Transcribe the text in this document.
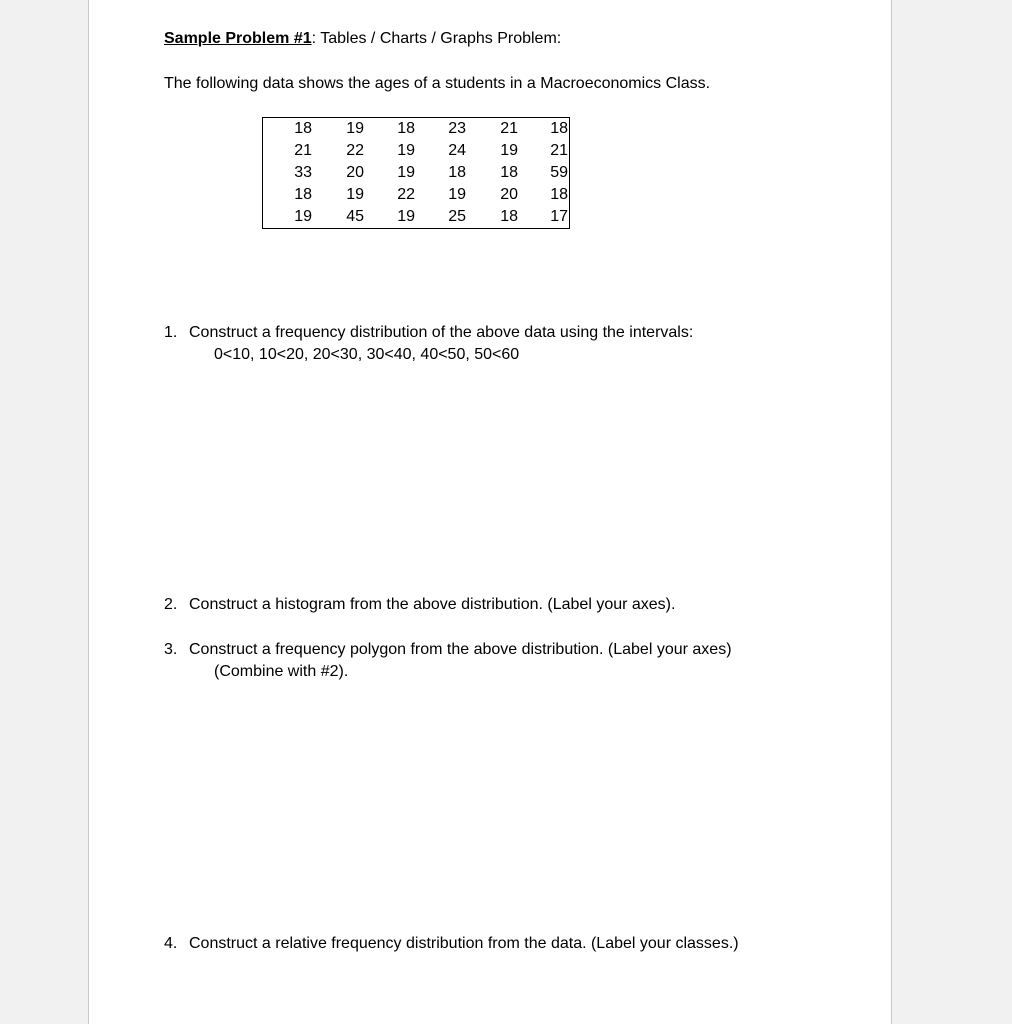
Sample Problem #1: Tables / Charts / Graphs Problem:
The following data shows the ages of a students in a Macroeconomics Class.
18	19	18	23	21	18
21	22	19	24	19	21
33	20	19	18	18	59
18	19	22	19	20	18
19	45	19	25	18	17
1. Construct a frequency distribution of the above data using the intervals:
0<10, 10<20, 20<30, 30<40, 40<50, 50<60
2. Construct a histogram from the above distribution. (Label your axes).
3. Construct a frequency polygon from the above distribution. (Label your axes)
(Combine with #2).
4. Construct a relative frequency distribution from the data. (Label your classes.)
